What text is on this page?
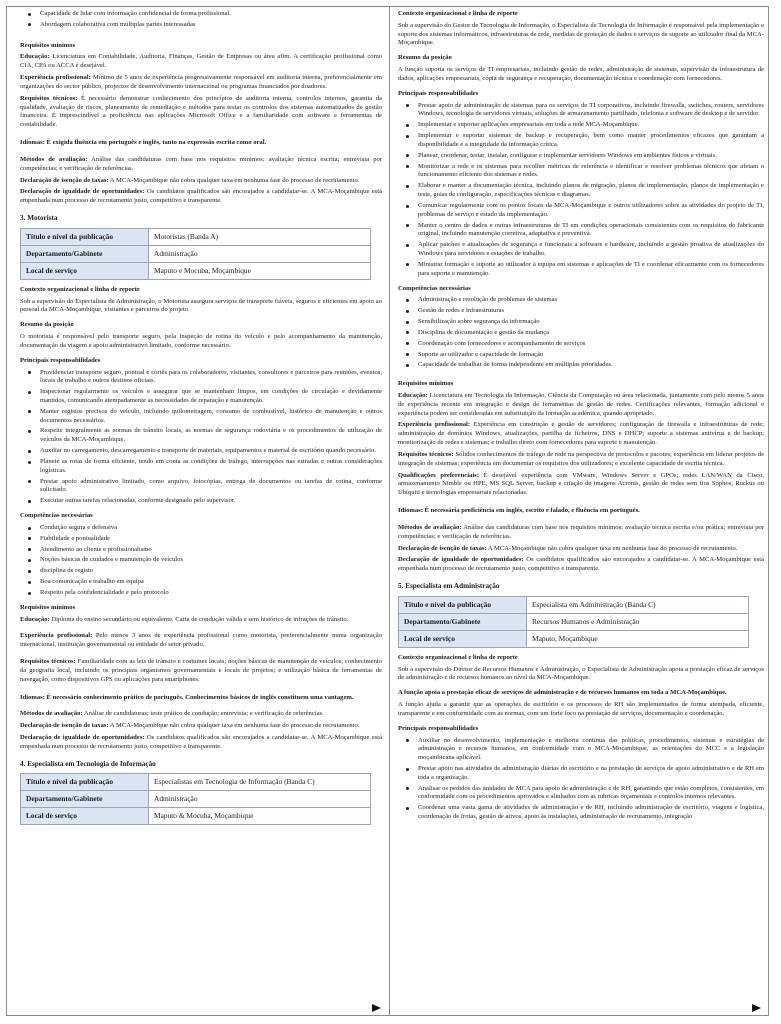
Capacidade de lidar com informação confidencial de forma profissional.
Abordagem colaborativa com múltiplas partes interessadas
Requisitos mínimos

Educação: Licenciatura em Contabilidade, Auditoria, Finanças, Gestão de Empresas ou área afim. A certificação profissional como CIA, CPA ou ACCA é desejável.

Experiência profissional: Mínimo de 5 anos de experiência progressivamente responsável em auditoria interna, preferencialmente em organizações do sector público, projectos de desenvolvimento internacional ou programas financiados por doadores.

Requisitos técnicos: É necessário demonstrar conhecimento dos princípios de auditoria interna, controlos internos, garantia da qualidade, avaliação de riscos, planeamento de remediação e métodos para testar os controlos dos sistemas automatizados de gestão financeira. É imprescindível a proficiência nas aplicações Microsoft Office e a familiaridade com software e ferramentas de contabilidade.

Idiomas: É exigida fluência em português e inglês, tanto na expressão escrita como oral.

Métodos de avaliação: Análise das candidaturas com base nos requisitos mínimos; avaliação técnica escrita; entrevista por competências; e verificação de referências.

Declaração de isenção de taxas: A MCA-Moçambique não cobra qualquer taxa em nenhuma fase do processo de recrutamento.

Declaração de igualdade de oportunidades: Os candidatos qualificados são encorajados a candidatar-se. A MCA-Moçambique está empenhada num processo de recrutamento justo, competitivo e transparente.

3. Motorista
Título e nível da publicação	Motoristas (Banda A)
Departamento/Gabinete	Administração
Local de serviço	Maputo e Mocuba, Moçambique
Contexto organizacional e linha de reporte

Sob a supervisão do Especialista de Administração, o Motorista assegura serviços de transporte fiáveis, seguros e eficientes em apoio ao pessoal da MCA-Moçambique, visitantes e parceiros do projeto.

Resumo da posição

O motorista é responsável pelo transporte seguro, pela inspeção de rotina do veículo e pelo acompanhamento da manutenção, documentação da viagem e apoio administrativo limitado, conforme necessário.

Principais responsabilidades
Providenciar transporte seguro, pontual e cortês para os colaboradores, visitantes, consultores e parceiros para reuniões, eventos, locais de trabalho e outros destinos oficiais.
Inspecionar regularmente os veículos e assegurar que se mantenham limpos, em condições de circulação e devidamente mantidos, comunicando atempadamente as necessidades de reparação e manutenção.
Manter registos precisos do veículo, incluindo quilometragem, consumo de combustível, histórico de manutenção e outros documentos necessários.
Respeite integralmente as normas de trânsito locais, as normas de segurança rodoviária e os procedimentos de utilização de veículos da MCA-Moçambique.
Auxiliar no carregamento, descarregamento e transporte de materiais, equipamentos e material de escritório quando necessário.
Planeie as rotas de forma eficiente, tendo em conta as condições de tráfego, interrupções nas estradas e outras considerações logísticas.
Prestar apoio administrativo limitado, como arquivo, fotocópias, entrega de documentos ou tarefas de rotina, conforme solicitado.
Executar outras tarefas relacionadas, conforme designado pelo supervisor.
Competências necessárias
Condução segura e defensiva
Fiabilidade e pontualidade
Atendimento ao cliente e profissionalismo
Noções básicas de cuidados e manutenção de veículos
disciplina de registo
Boa comunicação e trabalho em equipa
Respeito pela confidencialidade e pelo protocolo
Requisitos mínimos

Educação: Diploma do ensino secundário ou equivalente. Carta de condução válida e sem histórico de infrações de trânsito.

Experiência profissional: Pelo menos 3 anos de experiência profissional como motorista, preferencialmente numa organização internacional, instituição governamental ou entidade do setor privado.

Requisitos técnicos: Familiaridade com as leis de trânsito e costumes locais; noções básicas de manutenção de veículos; conhecimento da geografia local, incluindo os principais organismos governamentais e locais de projetos; e utilização básica de ferramentas de navegação, como dispositivos GPS ou aplicações para smartphones.

Idiomas: É necessário conhecimento prático de português. Conhecimentos básicos de inglês constituem uma vantagem.

Métodos de avaliação: Análise de candidaturas; teste prático de condução; entrevista; e verificação de referências.

Declaração de isenção de taxas: A MCA-Moçambique não cobra qualquer taxa em nenhuma fase do processo de recrutamento.

Declaração de igualdade de oportunidades: Os candidatos qualificados são encorajados a candidatar-se. A MCA-Moçambique está empenhada num processo de recrutamento justo, competitivo e transparente.

4. Especialista em Tecnologia de Informação
Título e nível da publicação	Especialistas em Tecnologia de Informação (Banda C)
Departamento/Gabinete	Administração
Local de serviço	Maputo & Mocuba, Moçambique
Contexto organizacional e linha de reporte

Sob a supervisão do Gestor de Tecnologia de Informação, o Especialista de Tecnologia de Informação é responsável pela implementação e suporte dos sistemas informáticos, infraestruturas de rede, medidas de proteção de dados e serviços de suporte ao utilizador final da MCA-Moçambique.

Resumo da posição

A função suporta os serviços de TI empresariais, incluindo gestão de redes, administração de sistemas, supervisão da infraestrutura de dados, aplicações empresariais, cópia de segurança e recuperação, documentação técnica e coordenação com fornecedores.

Principais responsabilidades
Prestar apoio de administração de sistemas para os serviços de TI corporativos, incluindo firewalls, switches, routers, servidores Windows, tecnologia de servidores virtuais, soluções de armazenamento partilhado, telefonia e software de desktop e de servidor.
Implementar e suportar aplicações empresariais em toda a rede MCA-Moçambique.
Implementar e suportar sistemas de backup e recuperação, bem como manter procedimentos eficazes que garantam a disponibilidade e a integridade da informação crítica.
Planear, coordenar, testar, instalar, configurar e implementar servidores Windows em ambientes físicos e virtuais.
Monitorizar a rede e os sistemas para recolher métricas de referência e identificar e resolver problemas técnicos que afetam o funcionamento eficiente dos sistemas e redes.
Elaborar e manter a documentação técnica, incluindo planos de migração, planos de implementação, planos de implementação e teste, guias de configuração, especificações técnicas e diagramas.
Comunicar regularmente com os pontos focais da MCA-Moçambique e outros utilizadores sobre as atividades do projeto de TI, problemas de serviço e estado da implementação.
Manter o centro de dados e outras infraestruturas de TI em condições operacionais consistentes com os requisitos do fabricante original, incluindo manutenção corretiva, adaptativa e preventiva.
Aplicar patches e atualizações de segurança e funcionais a software e hardware, incluindo a gestão proativa de atualizações do Windows para servidores e estações de trabalho.
Ministrar formação e suporte ao utilizador à equipa em sistemas e aplicações de TI e coordenar eficazmente com os fornecedores para suporte e manutenção.
Competências necessárias
Administração e resolução de problemas de sistemas
Gestão de redes e infraestruturas
Sensibilização sobre segurança da informação
Disciplina de documentação e gestão da mudança
Coordenação com fornecedores e acompanhamento de serviços
Suporte ao utilizador e capacidade de formação
Capacidade de trabalhar de forma independente em múltiplas prioridades.
Requisitos mínimos

Educação: Licenciatura em Tecnologia da Informação, Ciência da Computação ou área relacionada, juntamente com pelo menos 5 anos de experiência recente em integração e design de ferramentas de gestão de redes. Certificações relevantes, formação adicional e experiência podem ser consideradas em substituição da formação académica, quando apropriado.

Experiência profissional: Experiência em construção e gestão de servidores; configuração de firewalls e infraestruturas de rede; administração de domínios Windows, atualizações, partilha de ficheiros, DNS e DHCP; suporte a sistemas antivírus e de backup; monitorização de redes e sistemas; e trabalho direto com fornecedores para suporte e manutenção.

Requisitos técnicos: Sólidos conhecimentos de tráfego de rede na perspectiva de protocolos e pacotes; experiência em liderar projetos de integração de sistemas; experiência em documentar os requisitos dos utilizadores; e excelente capacidade de escrita técnica.

Qualificações preferenciais: É desejável experiência com VMware, Windows Server e GPOs; redes LAN/WAN da Cisco, armazenamento Nimble ou HPE, MS SQL Server, backup e criação de imagens Acronis, gestão de redes sem fios Sophos, Ruckus ou Ubiquiti e tecnologias empresariais relacionadas.

Idiomas: É necessária proficiência em inglês, escrito e falado, e fluência em português.

Métodos de avaliação: Análise das candidaturas com base nos requisitos mínimos; avaliação técnica escrita e/ou prática; entrevista por competências; e verificação de referências.

Declaração de isenção de taxas: A MCA-Moçambique não cobra qualquer taxa em nenhuma fase do processo de recrutamento.

Declaração de igualdade de oportunidades: Os candidatos qualificados são encorajados a candidatar-se. A MCA-Moçambique está empenhada num processo de recrutamento justo, competitivo e transparente.

5. Especialista em Administração
Título e nível da publicação	Especialista em Administração (Banda C)
Departamento/Gabinete	Recursos Humanos e Administração
Local de serviço	Maputo, Moçambique
Contexto organizacional e linha de reporte

Sob a supervisão do Diretor de Recursos Humanos e Administração, o Especialista de Administração apoia a prestação eficaz de serviços de administração e de recursos humanos ao nível da MCA-Moçambique.

A função apoia a prestação eficaz de serviços de administração e de recursos humanos em toda a MCA-Moçambique.

A função ajuda a garantir que as operações de escritório e os processos de RH são implementados de forma atempada, eficiente, transparente e em conformidade com as normas, com um forte foco na prestação de serviços, documentação e coordenação.

Principais responsabilidades
Auxiliar no desenvolvimento, implementação e melhoria contínua das políticas, procedimentos, sistemas e estratégias de administração e recursos humanos, em conformidade com o MCA-Moçambique, as orientações do MCC e a legislação moçambicana aplicável.
Prestar apoio nas atividades de administração diárias do escritório e na prestação de serviços de apoio administrativo e de RH em toda a organização.
Analisar os pedidos das unidades de MCA para apoio de administração e de RH, garantindo que estão completos, consistentes, em conformidade com os procedimentos aprovados e alinhados com as rubricas orçamentais e controlos internos relevantes.
Coordenar uma vasta gama de atividades de administração e de RH, incluindo administração de escritório, viagens e logística, coordenação de frotas, gestão de ativos, apoio às instalações, administração de recrutamento, integração
